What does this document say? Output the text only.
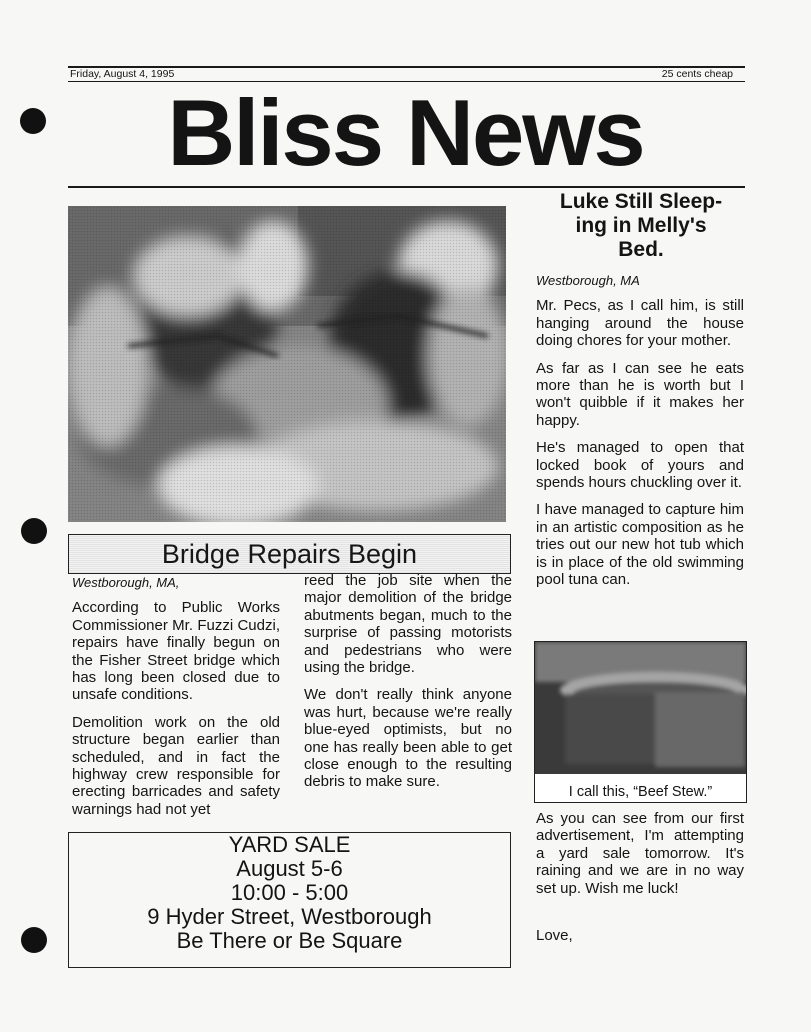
Friday, August 4, 1995	25 cents cheap
Bliss News
Bridge Repairs Begin

Westborough, MA,

According to Public Works Commissioner Mr. Fuzzi Cudzi, repairs have finally begun on the Fisher Street bridge which has long been closed due to unsafe conditions.

Demolition work on the old structure began earlier than scheduled, and in fact the highway crew responsible for erecting barricades and safety warnings had not yet

reed the job site when the major demolition of the bridge abutments began, much to the surprise of passing motorists and pedestrians who were using the bridge.

We don't really think anyone was hurt, because we're really blue-eyed optimists, but no one has really been able to get close enough to the resulting debris to make sure.

YARD SALE
August 5-6
10:00 - 5:00
9 Hyder Street, Westborough
Be There or Be Square
Luke Still Sleep-
ing in Melly's
Bed.

Westborough, MA

Mr. Pecs, as I call him, is still hanging around the house doing chores for your mother.

As far as I can see he eats more than he is worth but I won't quibble if it makes her happy.

He's managed to open that locked book of yours and spends hours chuckling over it.

I have managed to capture him in an artistic composition as he tries out our new hot tub which is in place of the old swimming pool tuna can.

I call this, “Beef Stew.”

As you can see from our first advertisement, I'm attempting a yard sale tomorrow. It's raining and we are in no way set up. Wish me luck!

Love,
